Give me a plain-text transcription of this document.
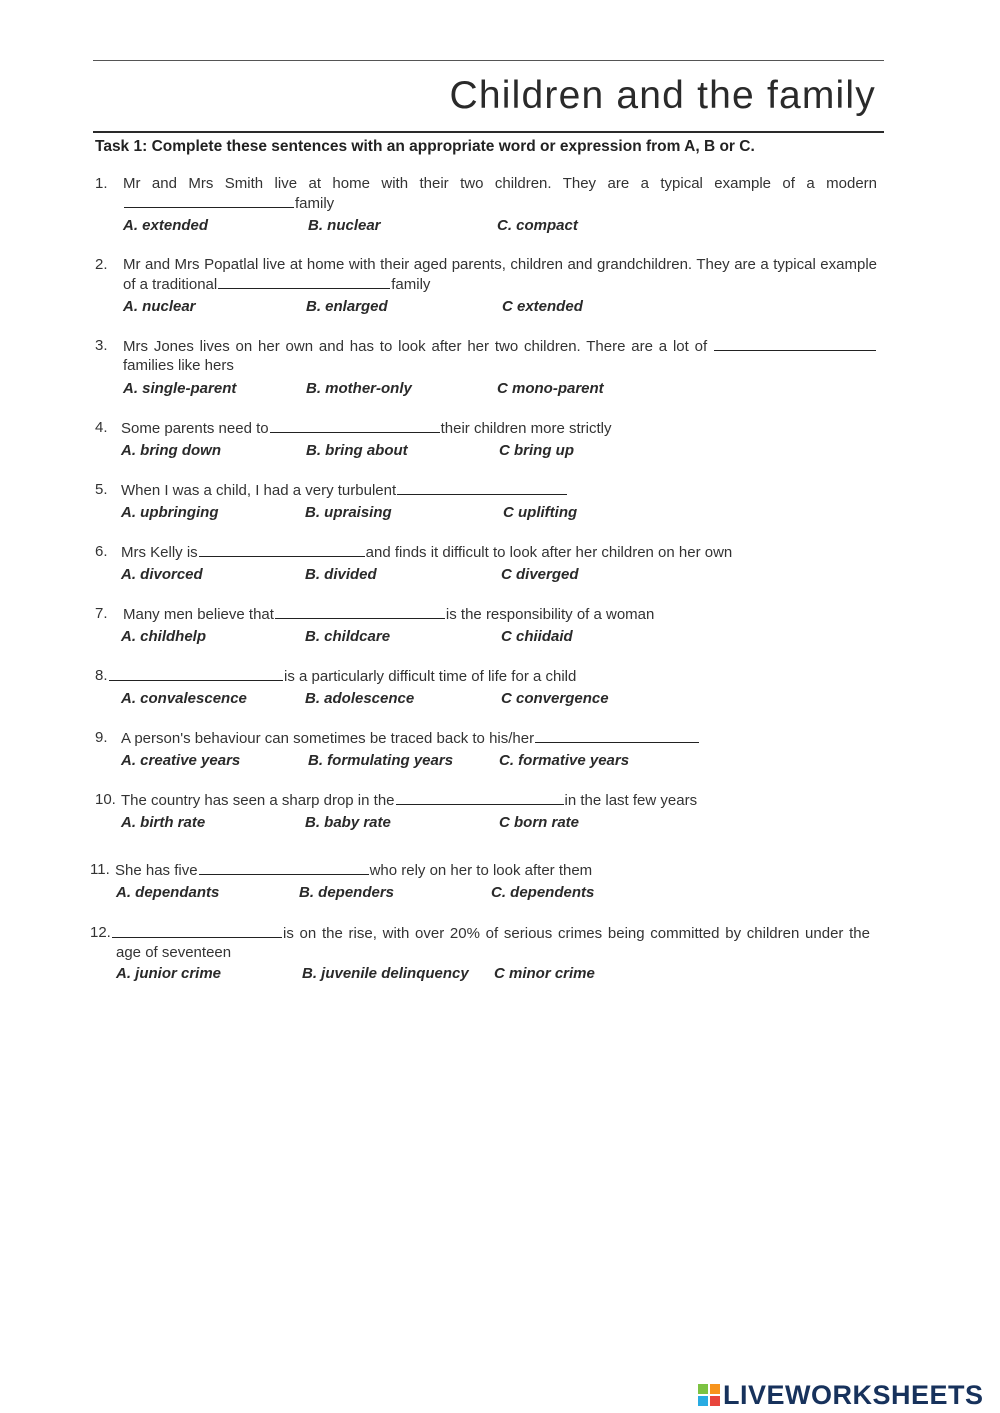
Children and the family
Task 1: Complete these sentences with an appropriate word or expression from A, B or C.
1. Mr and Mrs Smith live at home with their two children. They are a typical example of a modern family
A. extended	B. nuclear	C. compact
2. Mr and Mrs Popatlal live at home with their aged parents, children and grandchildren. They are a typical example of a traditional	family
A. nuclear	B. enlarged	C extended
3. Mrs Jones lives on her own and has to look after her two children. There are a lot of families like hers
A. single-parent	B. mother-only	C mono-parent
4. Some parents need to	their children more strictly
A. bring down	B. bring about	C bring up
5. When I was a child, I had a very turbulent
A. upbringing	B. upraising	C uplifting
6. Mrs Kelly is	and finds it difficult to look after her children on her own
A. divorced	B. divided	C diverged
7. Many men believe that	is the responsibility of a woman
A. childhelp	B. childcare	C chiidaid
8.	is a particularly difficult time of life for a child
A. convalescence	B. adolescence	C convergence
9. A person's behaviour can sometimes be traced back to his/her
A. creative years	B. formulating years	C. formative years
10. The country has seen a sharp drop in the	in the last few years
A. birth rate	B. baby rate	C born rate
11. She has five	who rely on her to look after them
A. dependants	B. dependers	C. dependents
12.	is on the rise, with over 20% of serious crimes being committed by children under the age of seventeen
A. junior crime	B. juvenile delinquency C minor crime
LIVEWORKSHEETS
